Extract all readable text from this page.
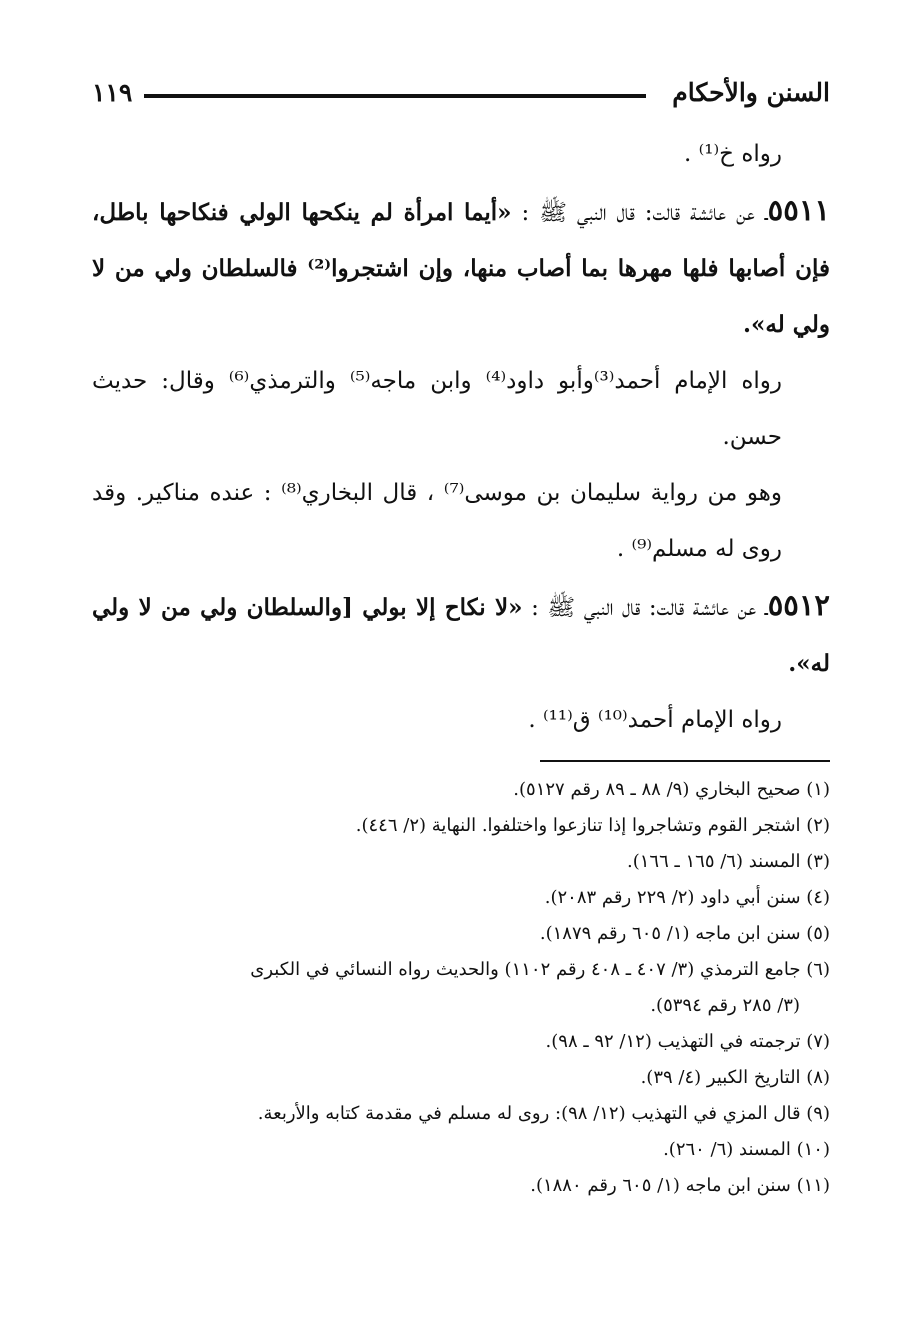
السنن والأحكام
١١٩

رواه خ⁽¹⁾ .

٥٥١١ـ عن عائشة قالت: قال النبي ﷺ : «أيما امرأة لم ينكحها الولي فنكاحها باطل، فإن أصابها فلها مهرها بما أصاب منها، وإن اشتجروا⁽²⁾ فالسلطان ولي من لا ولي له».

رواه الإمام أحمد⁽³⁾وأبو داود⁽⁴⁾ وابن ماجه⁽⁵⁾ والترمذي⁽⁶⁾ وقال: حديث حسن.

وهو من رواية سليمان بن موسى⁽⁷⁾ ، قال البخاري⁽⁸⁾ : عنده مناكير. وقد روى له مسلم⁽⁹⁾ .

٥٥١٢ـ عن عائشة قالت: قال النبي ﷺ : «لا نكاح إلا بولي [والسلطان ولي من لا ولي له».

رواه الإمام أحمد⁽¹⁰⁾ ق⁽¹¹⁾ .

(١) صحيح البخاري (٩/ ٨٨ ـ ٨٩ رقم ٥١٢٧).

(٢) اشتجر القوم وتشاجروا إذا تنازعوا واختلفوا. النهاية (٢/ ٤٤٦).

(٣) المسند (٦/ ١٦٥ ـ ١٦٦).

(٤) سنن أبي داود (٢/ ٢٢٩ رقم ٢٠٨٣).

(٥) سنن ابن ماجه (١/ ٦٠٥ رقم ١٨٧٩).

(٦) جامع الترمذي (٣/ ٤٠٧ ـ ٤٠٨ رقم ١١٠٢) والحديث رواه النسائي في الكبرى

(٣/ ٢٨٥ رقم ٥٣٩٤).

(٧) ترجمته في التهذيب (١٢/ ٩٢ ـ ٩٨).

(٨) التاريخ الكبير (٤/ ٣٩).

(٩) قال المزي في التهذيب (١٢/ ٩٨): روى له مسلم في مقدمة كتابه والأربعة.

(١٠) المسند (٦/ ٢٦٠).

(١١) سنن ابن ماجه (١/ ٦٠٥ رقم ١٨٨٠).
